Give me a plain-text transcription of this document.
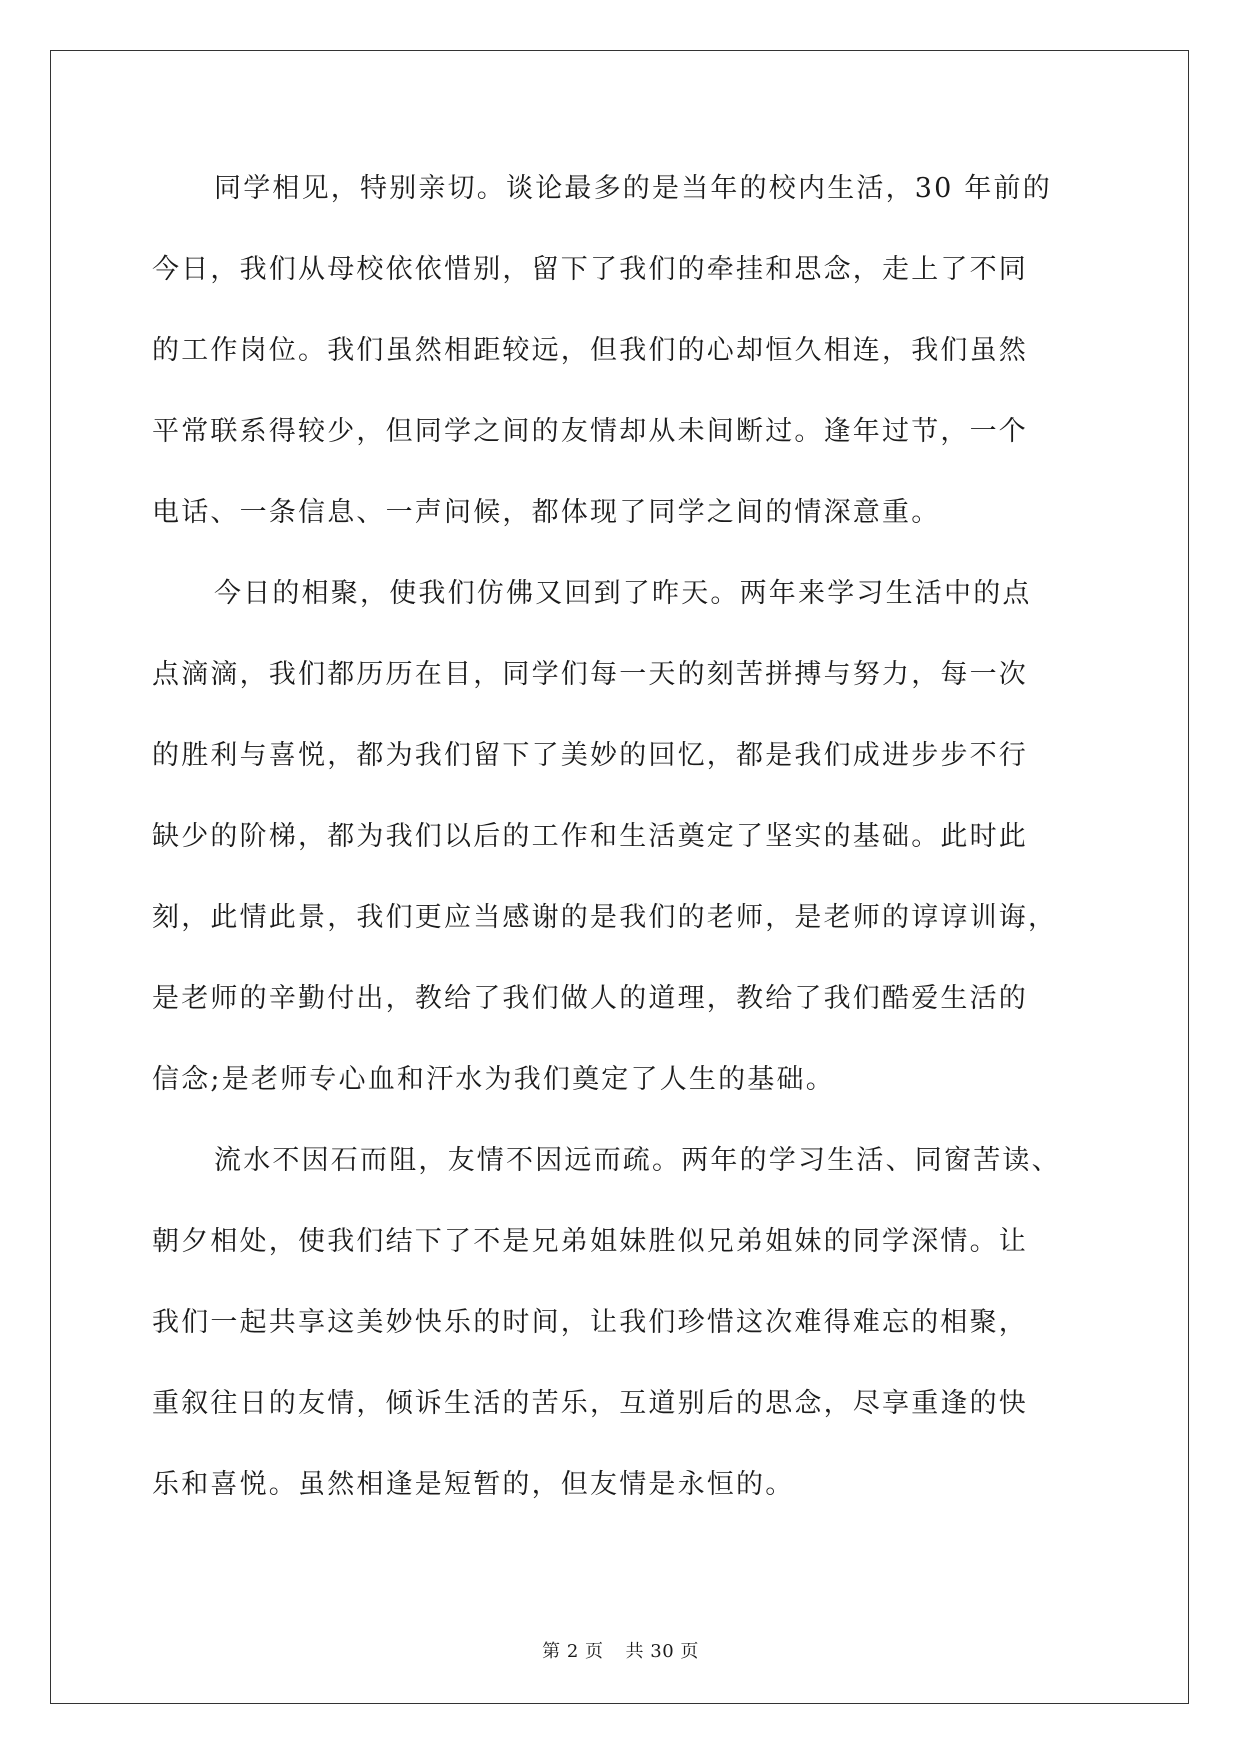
同学相见，特别亲切。谈论最多的是当年的校内生活，30 年前的
今日，我们从母校依依惜别，留下了我们的牵挂和思念，走上了不同
的工作岗位。我们虽然相距较远，但我们的心却恒久相连，我们虽然
平常联系得较少，但同学之间的友情却从未间断过。逢年过节，一个
电话、一条信息、一声问候，都体现了同学之间的情深意重。
今日的相聚，使我们仿佛又回到了昨天。两年来学习生活中的点
点滴滴，我们都历历在目，同学们每一天的刻苦拼搏与努力，每一次
的胜利与喜悦，都为我们留下了美妙的回忆，都是我们成进步步不行
缺少的阶梯，都为我们以后的工作和生活奠定了坚实的基础。此时此
刻，此情此景，我们更应当感谢的是我们的老师，是老师的谆谆训诲，
是老师的辛勤付出，教给了我们做人的道理，教给了我们酷爱生活的
信念;是老师专心血和汗水为我们奠定了人生的基础。
流水不因石而阻，友情不因远而疏。两年的学习生活、同窗苦读、
朝夕相处，使我们结下了不是兄弟姐妹胜似兄弟姐妹的同学深情。让
我们一起共享这美妙快乐的时间，让我们珍惜这次难得难忘的相聚，
重叙往日的友情，倾诉生活的苦乐，互道别后的思念，尽享重逢的快
乐和喜悦。虽然相逢是短暂的，但友情是永恒的。
第 2 页 共 30 页
